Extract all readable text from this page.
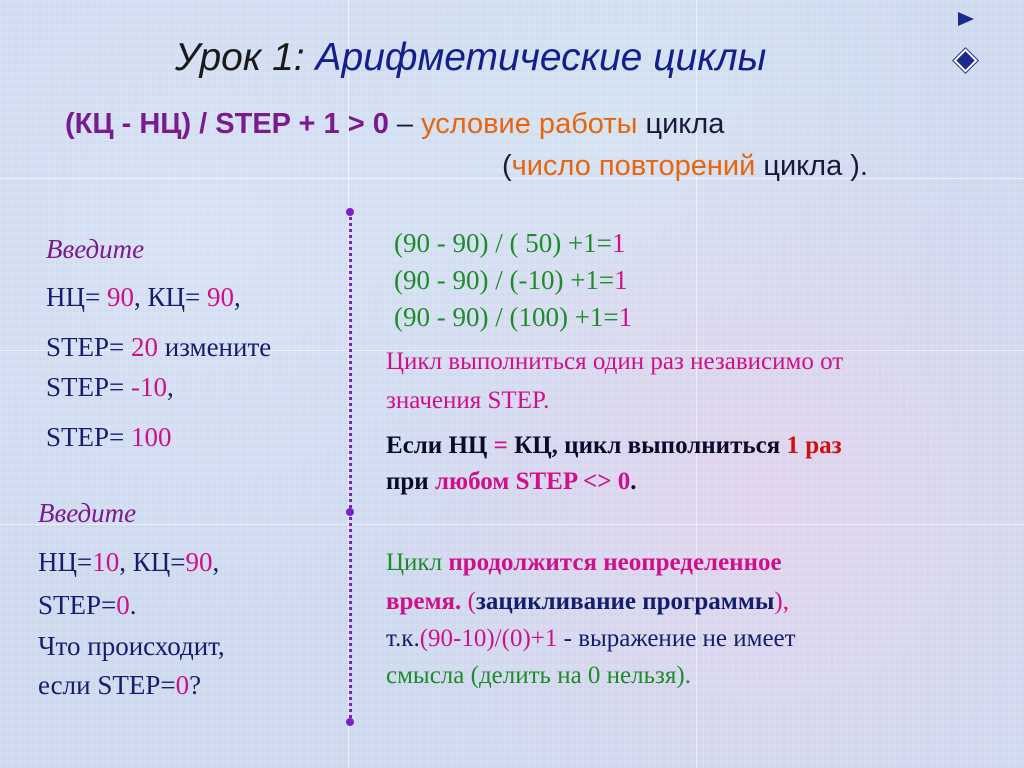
Урок 1: Арифметические циклы
(КЦ - НЦ) / STEP + 1 > 0 – условие работы цикла
(число повторений цикла ).
Введите
НЦ= 90, КЦ= 90,
STEP= 20 измените
STEP= -10,
STEP= 100
(90 - 90) / ( 50) +1=1
(90 - 90) / (-10) +1=1
(90 - 90) / (100) +1=1
Цикл выполниться один раз независимо от
значения STEP.
Если НЦ = КЦ, цикл выполниться 1 раз
при любом STEP <> 0.
Введите
НЦ=10, КЦ=90,
STEP=0.
Что происходит,
если STEP=0?
Цикл продолжится неопределенное
время. (зацикливание программы),
т.к.(90-10)/(0)+1 - выражение не имеет
смысла (делить на 0 нельзя).
